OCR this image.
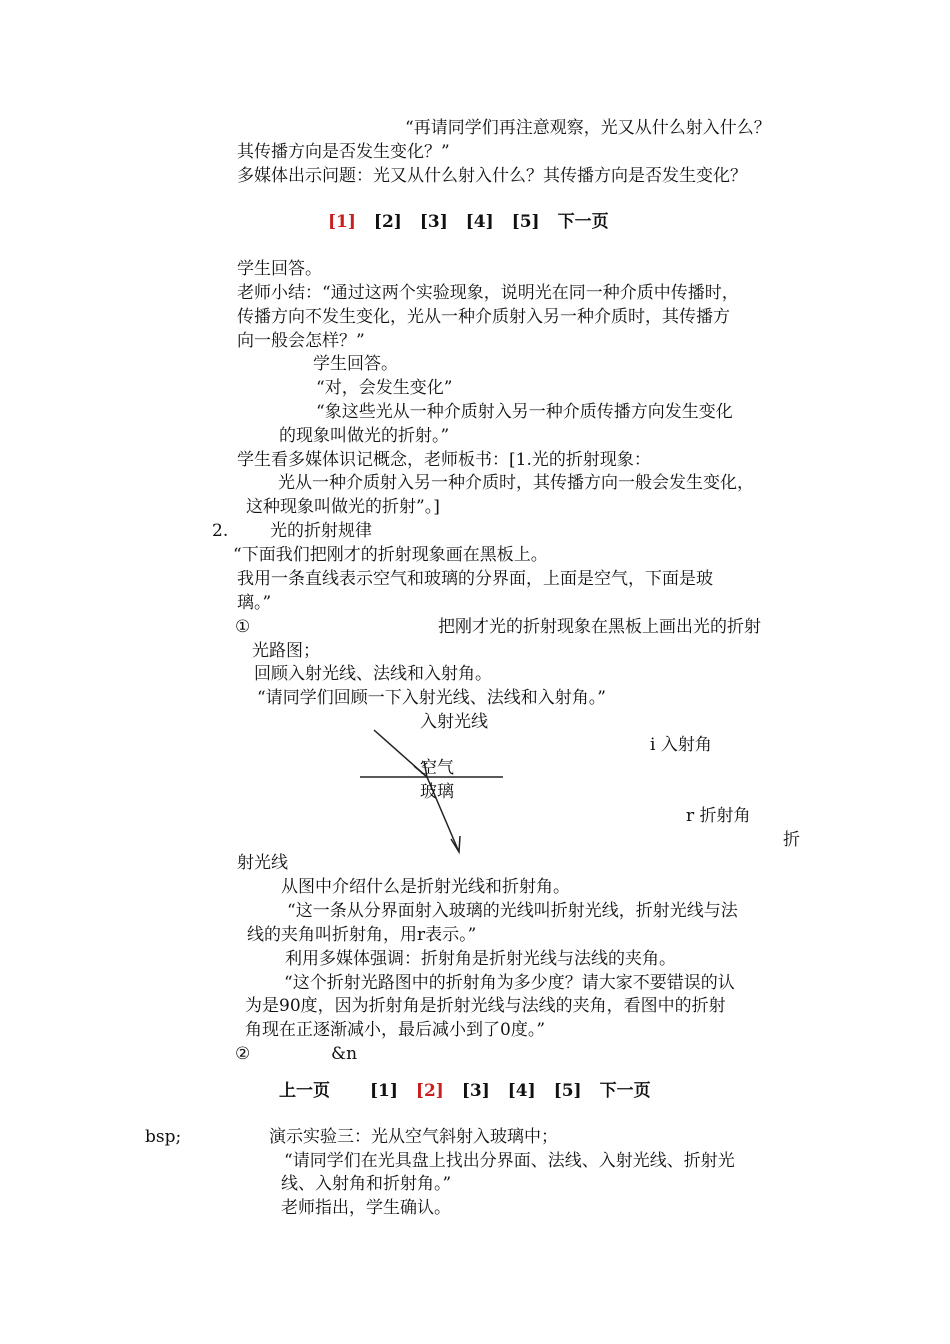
“再请同学们再注意观察，光又从什么射入什么？
其传播方向是否发生变化？”
多媒体出示问题：光又从什么射入什么？其传播方向是否发生变化？
[1] [2] [3] [4] [5] 下一页
学生回答。
老师小结：“通过这两个实验现象，说明光在同一种介质中传播时，
传播方向不发生变化，光从一种介质射入另一种介质时，其传播方
向一般会怎样？”
学生回答。
“对，会发生变化”
“象这些光从一种介质射入另一种介质传播方向发生变化
的现象叫做光的折射。”
学生看多媒体识记概念，老师板书：[1.光的折射现象：
光从一种介质射入另一种介质时，其传播方向一般会发生变化，
这种现象叫做光的折射”。]
2. 光的折射规律
“下面我们把刚才的折射现象画在黑板上。
我用一条直线表示空气和玻璃的分界面，上面是空气，下面是玻
璃。”
①	把刚才光的折射现象在黑板上画出光的折射
光路图；
回顾入射光线、法线和入射角。
“请同学们回顾一下入射光线、法线和入射角。”
入射光线
i 入射角
空气
玻璃
r 折射角
折
射光线
从图中介绍什么是折射光线和折射角。
“这一条从分界面射入玻璃的光线叫折射光线，折射光线与法
线的夹角叫折射角，用r表示。”
利用多媒体强调：折射角是折射光线与法线的夹角。
“这个折射光路图中的折射角为多少度？请大家不要错误的认
为是90度，因为折射角是折射光线与法线的夹角，看图中的折射
角现在正逐渐减小，最后减小到了0度。”
②	&n
上一页 [1] [2] [3] [4] [5] 下一页
bsp;	演示实验三：光从空气斜射入玻璃中；
“请同学们在光具盘上找出分界面、法线、入射光线、折射光
线、入射角和折射角。”
老师指出，学生确认。
